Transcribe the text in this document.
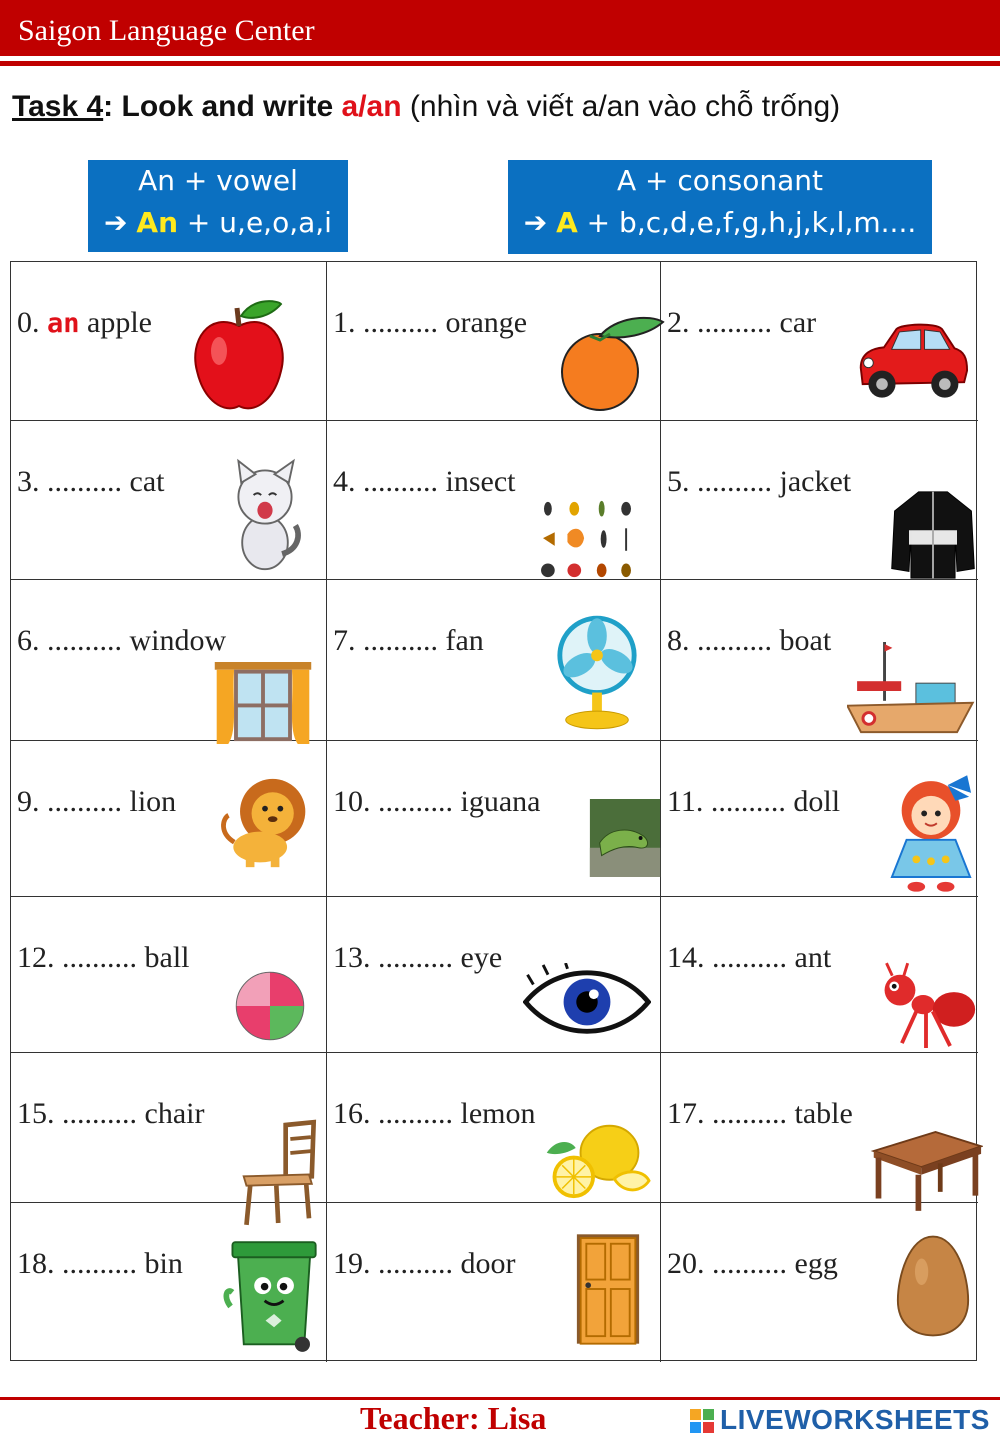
Saigon Language Center
Task 4: Look and write a/an (nhìn và viết a/an vào chỗ trống)
An + vowel
➔ An + u,e,o,a,i
A + consonant
➔ A + b,c,d,e,f,g,h,j,k,l,m....
0. an apple	1. .......... orange	2. .......... car
3. .......... cat	4. .......... insect	5. .......... jacket
6. .......... window	7. .......... fan	8. .......... boat
9. .......... lion	10. .......... iguana	11. .......... doll
12. .......... ball	13. .......... eye	14. .......... ant
15. .......... chair	16. .......... lemon	17. .......... table
18. .......... bin	19. .......... door	20. .......... egg
Teacher: Lisa	LIVEWORKSHEETS
